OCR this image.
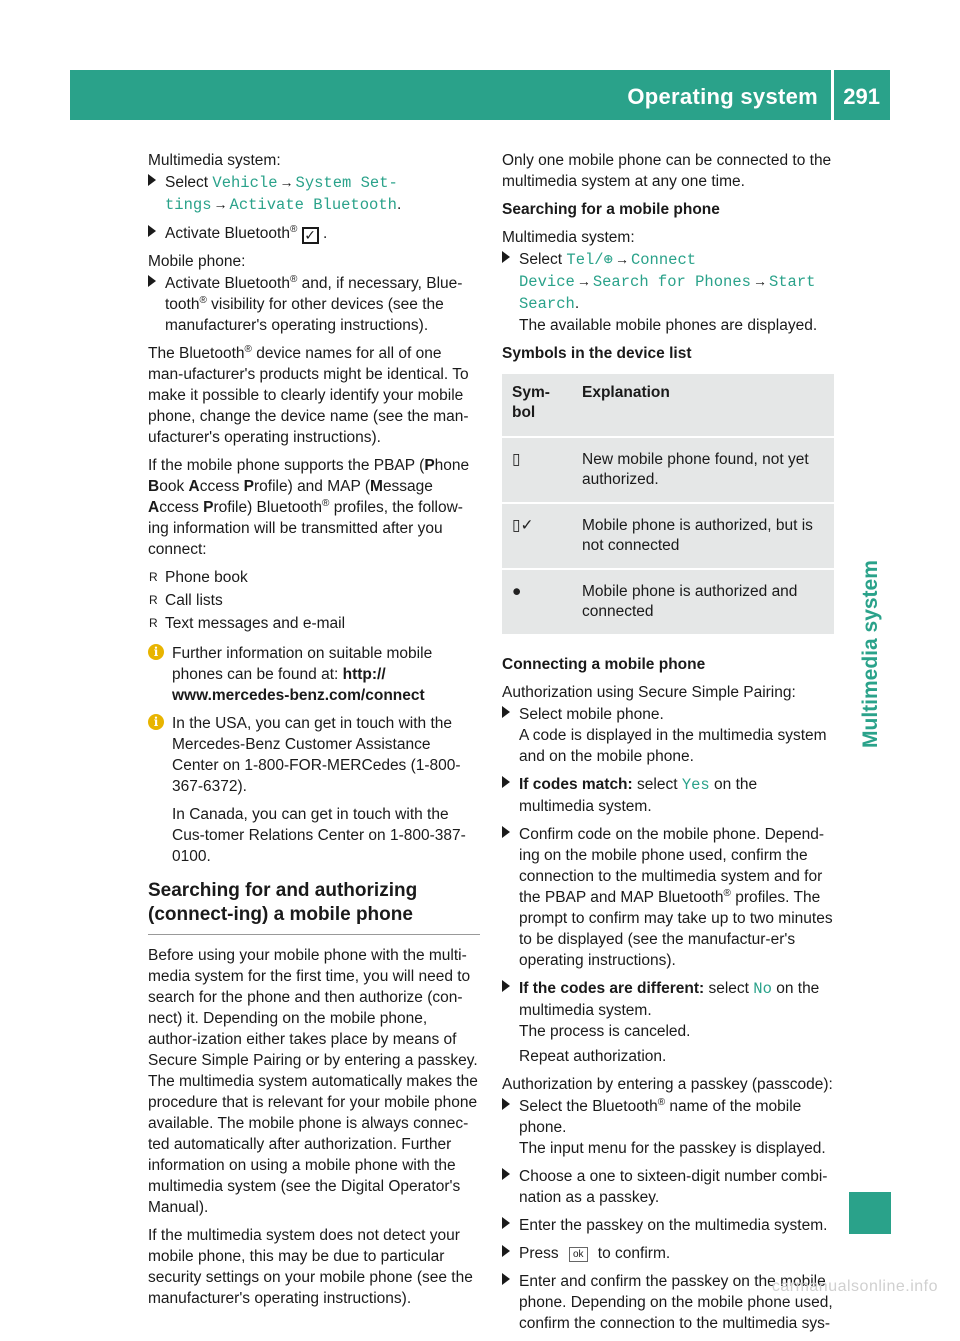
Operating system 291
Multimedia system

Multimedia system:

Select Vehicle → System Set‐tings → Activate Bluetooth.
Activate Bluetooth® ✓ .

Mobile phone:

Activate Bluetooth® and, if necessary, Blue-tooth® visibility for other devices (see the manufacturer's operating instructions).

The Bluetooth® device names for all of one man-ufacturer's products might be identical. To make it possible to clearly identify your mobile phone, change the device name (see the man-ufacturer's operating instructions).

If the mobile phone supports the PBAP (Phone Book Access Profile) and MAP (Message Access Profile) Bluetooth® profiles, the follow-ing information will be transmitted after you connect:

R Phone book
R Call lists
R Text messages and e-mail
i Further information on suitable mobile phones can be found at: http:// www.mercedes-benz.com/connect
i In the USA, you can get in touch with the Mercedes-Benz Customer Assistance Center on 1-800-FOR-MERCedes (1-800-367-6372).

In Canada, you can get in touch with the Cus-tomer Relations Center on 1-800-387-0100.

Searching for and authorizing (connect-ing) a mobile phone

Before using your mobile phone with the multi-media system for the first time, you will need to search for the phone and then authorize (con-nect) it. Depending on the mobile phone, author-ization either takes place by means of Secure Simple Pairing or by entering a passkey. The multimedia system automatically makes the procedure that is relevant for your mobile phone available. The mobile phone is always connec-ted automatically after authorization. Further information on using a mobile phone with the multimedia system (see the Digital Operator's Manual).

If the multimedia system does not detect your mobile phone, this may be due to particular security settings on your mobile phone (see the manufacturer's operating instructions).

Only one mobile phone can be connected to the multimedia system at any one time.

Searching for a mobile phone

Multimedia system:

Select Tel/⊕ → Connect Device → Search for Phones → Start Search.
The available mobile phones are displayed.
Symbols in the device list
Sym-bol	Explanation
▯	New mobile phone found, not yet authorized.
▯✓	Mobile phone is authorized, but is not connected
●	Mobile phone is authorized and connected
Connecting a mobile phone

Authorization using Secure Simple Pairing:

Select mobile phone.
A code is displayed in the multimedia system and on the mobile phone.
If codes match: select Yes on the multimedia system.
Confirm code on the mobile phone. Depend-ing on the mobile phone used, confirm the connection to the multimedia system and for the PBAP and MAP Bluetooth® profiles. The prompt to confirm may take up to two minutes to be displayed (see the manufactur-er's operating instructions).
If the codes are different: select No on the multimedia system.
The process is canceled.
Repeat authorization.

Authorization by entering a passkey (passcode):

Select the Bluetooth® name of the mobile phone.
The input menu for the passkey is displayed.
Choose a one to sixteen-digit number combi-nation as a passkey.
Enter the passkey on the multimedia system.
Press ok to confirm.
Enter and confirm the passkey on the mobile phone. Depending on the mobile phone used, confirm the connection to the multimedia sys-
carmanualsonline.info
